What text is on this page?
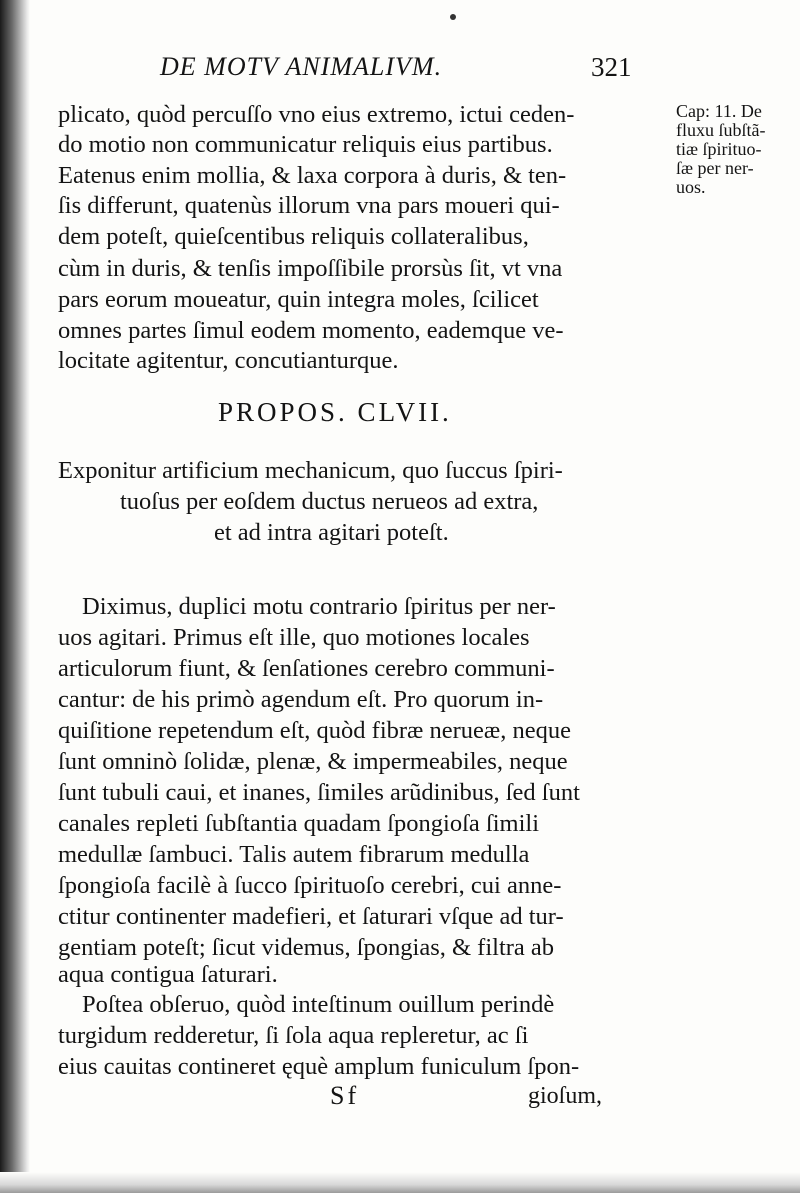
DE MOTV ANIMALIVM.	321
Cap: 11. De
fluxu ſubſtã-
tiæ ſpirituo-
ſæ per ner-
uos.
plicato, quòd percuſſo vno eius extremo, ictui ceden-
do motio non communicatur reliquis eius partibus.
Eatenus enim mollia, & laxa corpora à duris, & ten-
ſis differunt, quatenùs illorum vna pars moueri qui-
dem poteſt, quieſcentibus reliquis collateralibus,
cùm in duris, & tenſis impoſſibile prorsùs ſit, vt vna
pars eorum moueatur, quin integra moles, ſcilicet
omnes partes ſimul eodem momento, eademque ve-
locitate agitentur, concutianturque.
PROPOS. CLVII.
Exponitur artificium mechanicum, quo ſuccus ſpiri-
tuoſus per eoſdem ductus nerueos ad extra,
et ad intra agitari poteſt.
Diximus, duplici motu contrario ſpiritus per ner-
uos agitari. Primus eſt ille, quo motiones locales
articulorum fiunt, & ſenſationes cerebro communi-
cantur: de his primò agendum eſt. Pro quorum in-
quiſitione repetendum eſt, quòd fibræ nerueæ, neque
ſunt omninò ſolidæ, plenæ, & impermeabiles, neque
ſunt tubuli caui, et inanes, ſimiles arũdinibus, ſed ſunt
canales repleti ſubſtantia quadam ſpongioſa ſimili
medullæ ſambuci. Talis autem fibrarum medulla
ſpongioſa facilè à ſucco ſpirituoſo cerebri, cui anne-
ctitur continenter madefieri, et ſaturari vſque ad tur-
gentiam poteſt; ſicut videmus, ſpongias, & filtra ab
aqua contigua ſaturari.
Poſtea obſeruo, quòd inteſtinum ouillum perindè
turgidum redderetur, ſi ſola aqua repleretur, ac ſi
eius cauitas contineret ęquè amplum funiculum ſpon-
Sf	gioſum,
